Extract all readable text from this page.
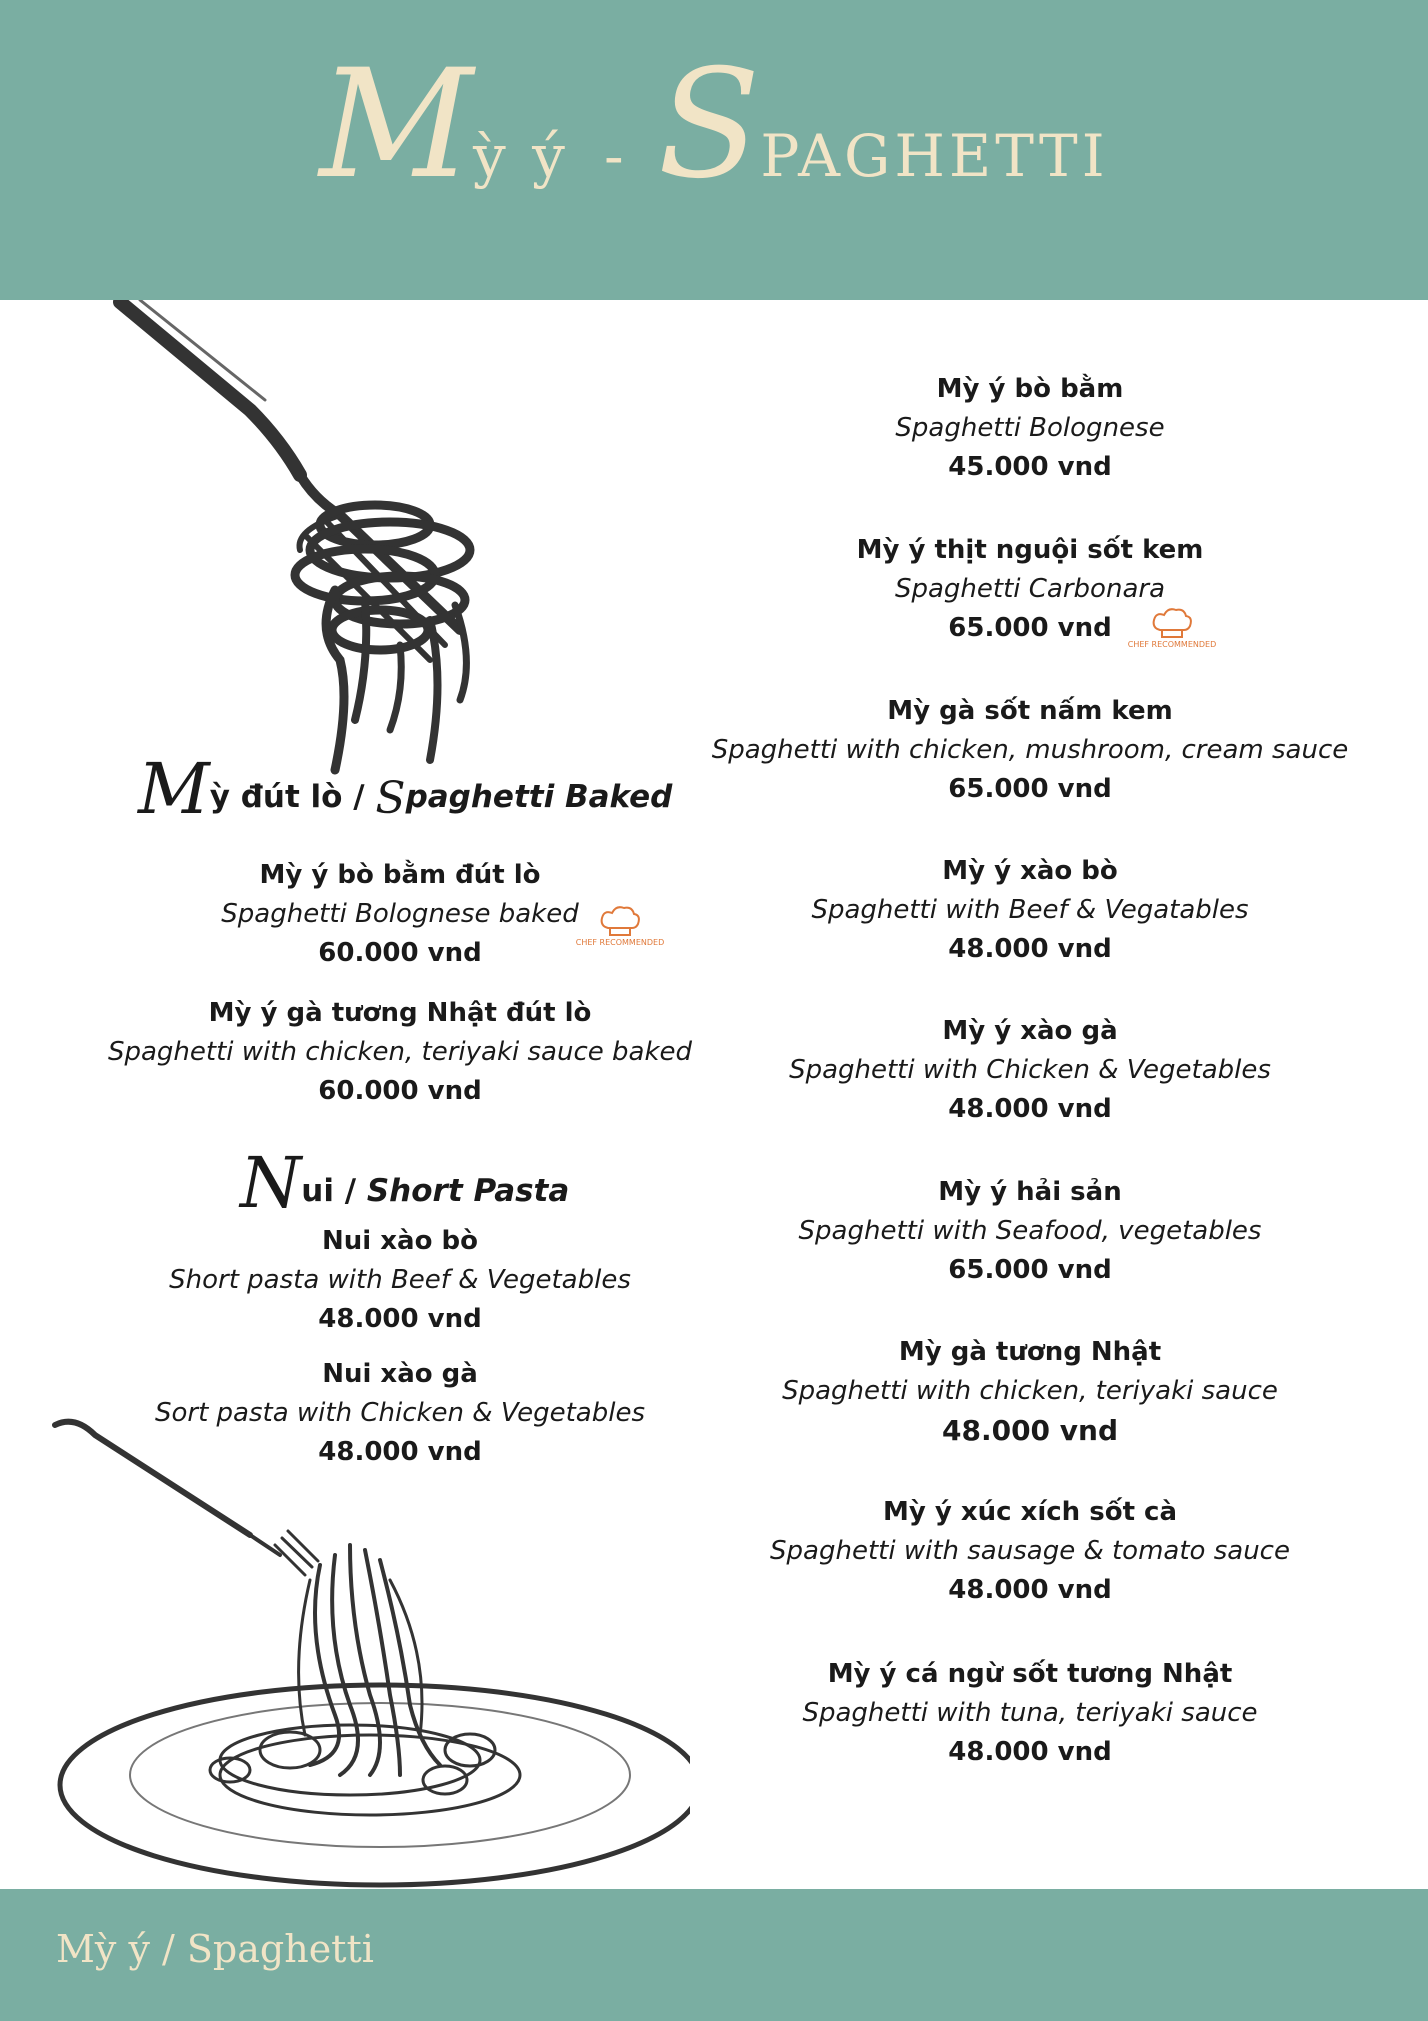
Mỳ ý - SPAGHETTI
Mỳ ý bò bằm
Spaghetti Bolognese
45.000 vnd
Mỳ ý thịt nguội sốt kem
Spaghetti Carbonara
65.000 vnd
Mỳ gà sốt nấm kem
Spaghetti with chicken, mushroom, cream sauce
65.000 vnd
Mỳ ý xào bò
Spaghetti with Beef & Vegatables
48.000 vnd
Mỳ ý xào gà
Spaghetti with Chicken & Vegetables
48.000 vnd
Mỳ ý hải sản
Spaghetti with Seafood, vegetables
65.000 vnd
Mỳ gà tương Nhật
Spaghetti with chicken, teriyaki sauce
48.000 vnd
Mỳ ý xúc xích sốt cà
Spaghetti with sausage & tomato sauce
48.000 vnd
Mỳ ý cá ngừ sốt tương Nhật
Spaghetti with tuna, teriyaki sauce
48.000 vnd
CHEF RECOMMENDED
Mỳ đút lò / Spaghetti Baked
Mỳ ý bò bằm đút lò
Spaghetti Bolognese baked
60.000 vnd
Mỳ ý gà tương Nhật đút lò
Spaghetti with chicken, teriyaki sauce baked
60.000 vnd
CHEF RECOMMENDED
Nui / Short Pasta
Nui xào bò
Short pasta with Beef & Vegetables
48.000 vnd
Nui xào gà
Sort pasta with Chicken & Vegetables
48.000 vnd
Mỳ ý / Spaghetti
